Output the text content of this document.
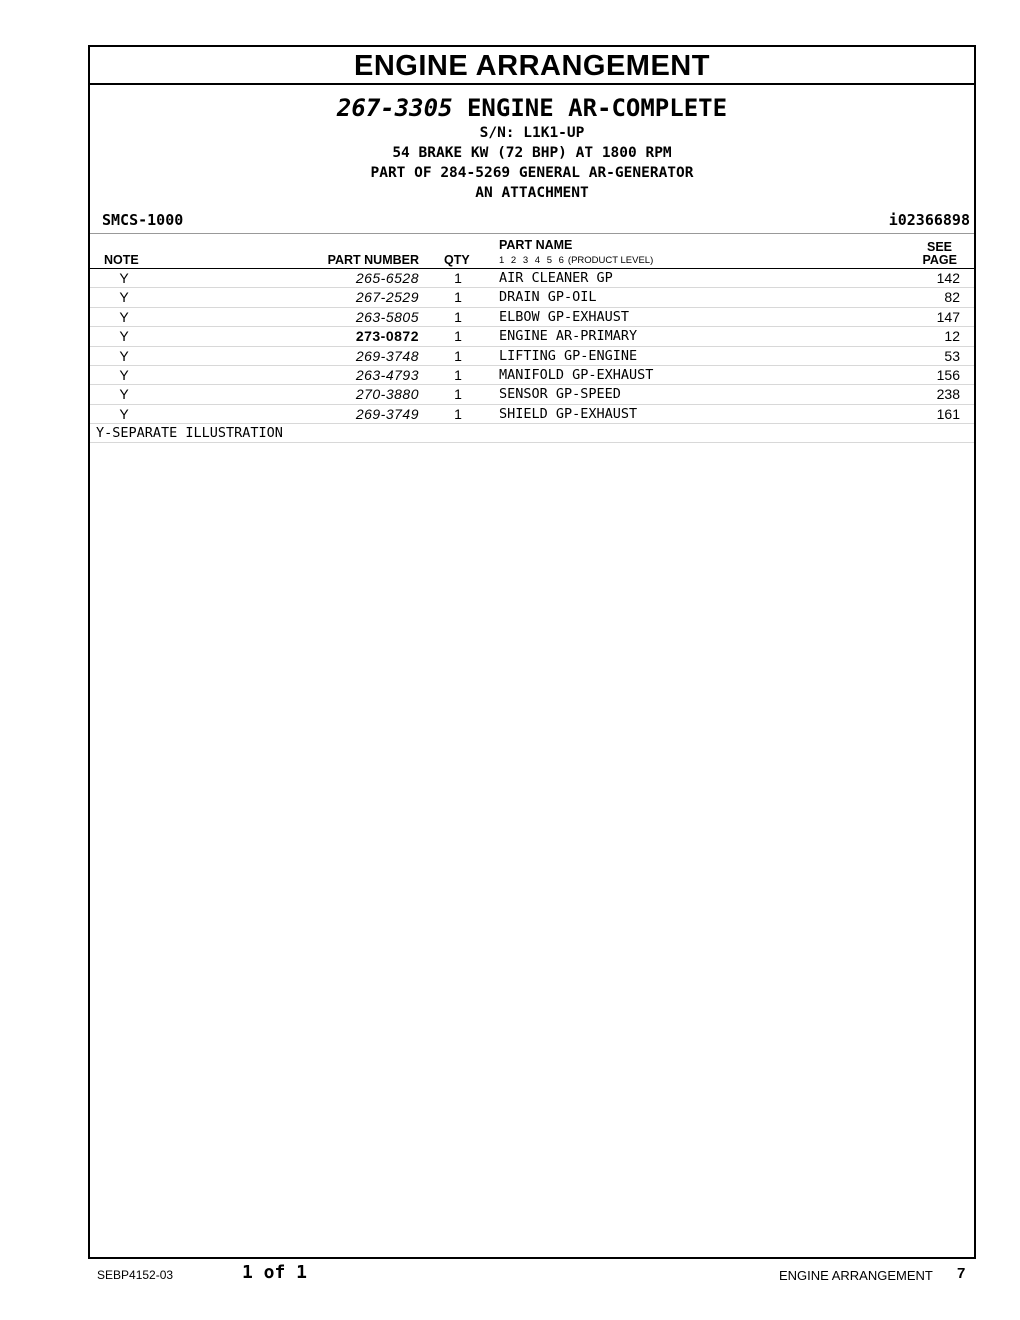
ENGINE ARRANGEMENT
267-3305 ENGINE AR-COMPLETE
S/N: L1K1-UP
54 BRAKE KW (72 BHP) AT 1800 RPM
PART OF 284-5269 GENERAL AR-GENERATOR
AN ATTACHMENT
SMCS-1000	i02366898
NOTE	PART NUMBER QTY
PART NAME
1 2 3 4 5 6 (PRODUCT LEVEL)
SEE
PAGE
Y	265-6528	1	AIR CLEANER GP	142
Y	267-2529	1	DRAIN GP-OIL	82
Y	263-5805	1	ELBOW GP-EXHAUST	147
Y	273-0872	1	ENGINE AR-PRIMARY	12
Y	269-3748	1	LIFTING GP-ENGINE	53
Y	263-4793	1	MANIFOLD GP-EXHAUST	156
Y	270-3880	1	SENSOR GP-SPEED	238
Y	269-3749	1	SHIELD GP-EXHAUST	161
Y-SEPARATE ILLUSTRATION
SEBP4152-03	1 of 1	ENGINE ARRANGEMENT 7
